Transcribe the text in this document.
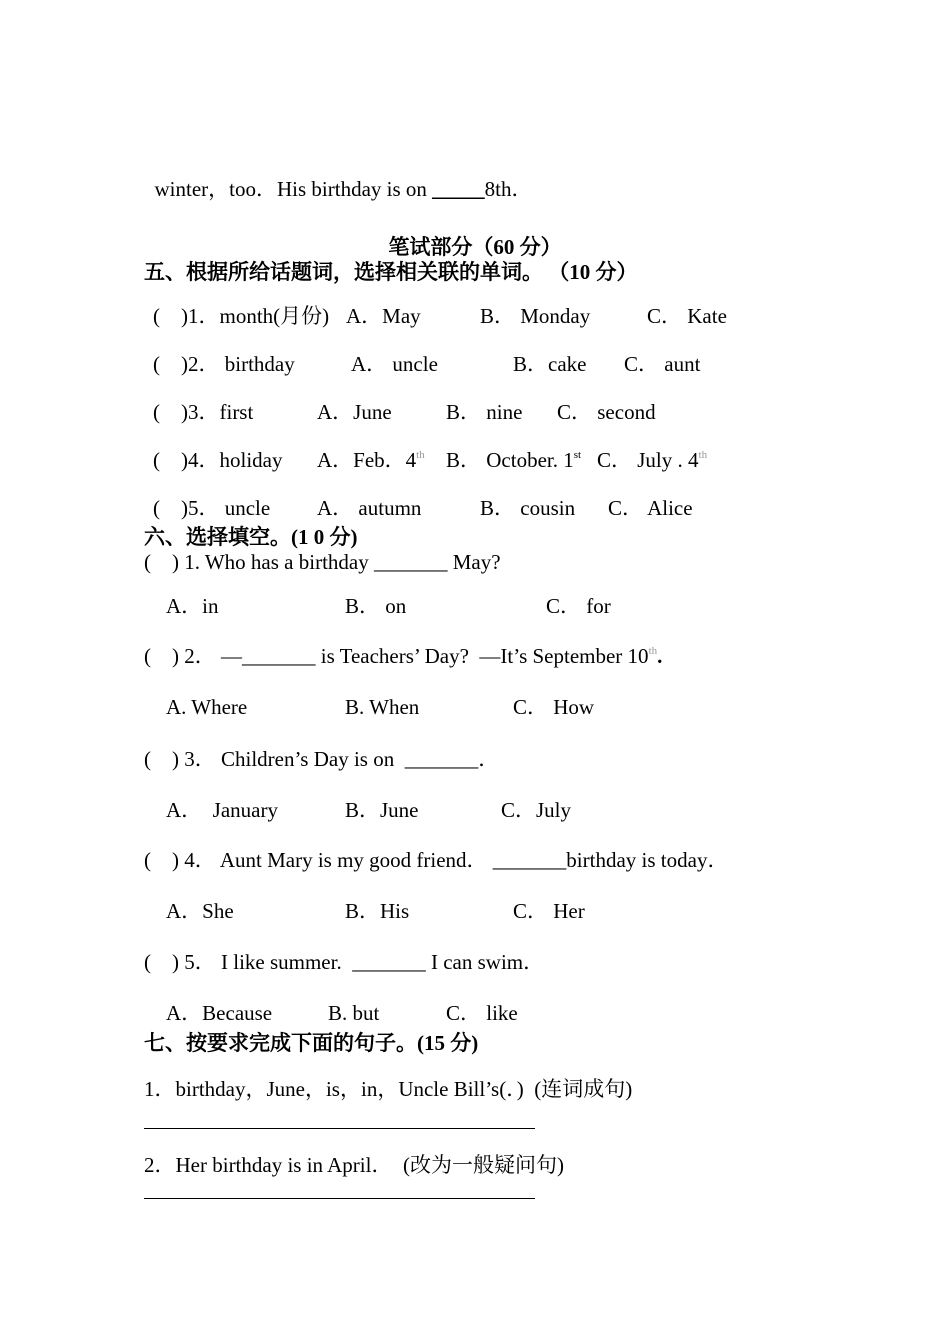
winter，too．His birthday is on _____8th．

笔试部分（60 分）
五、根据所给话题词，选择相关联的单词。 （10 分）
(    )1．month(月份) A．May	B． Monday	C． Kate
(    )2． birthday	A． uncle	B．cake C． aunt
(    )3．first	A．June	B． nine C． second
(    )4．holiday A．Feb．4th B． October. 1st C． July . 4th
(    )5． uncle A． autumn	B． cousin C． Alice
六、选择填空。(1 0 分)
(    ) 1. Who has a birthday _______ May?
A．in	B． on	C． for
(    ) 2． —_______ is Teachers’ Day?  —It’s September 10th.
A. Where	B. When	C． How
(    ) 3． Children’s Day is on  _______．
A．  January	B．June	C．July
(    ) 4． Aunt Mary is my good friend． _______birthday is today．
A．She	B．His	C． Her
(    ) 5． I like summer.  _______ I can swim．
A．Because	B. but	C． like
七、按要求完成下面的句子。(15 分)
1．birthday，June，is，in，Uncle Bill’s(．)  (连词成句)
2．Her birthday is in April．  (改为一般疑问句)
